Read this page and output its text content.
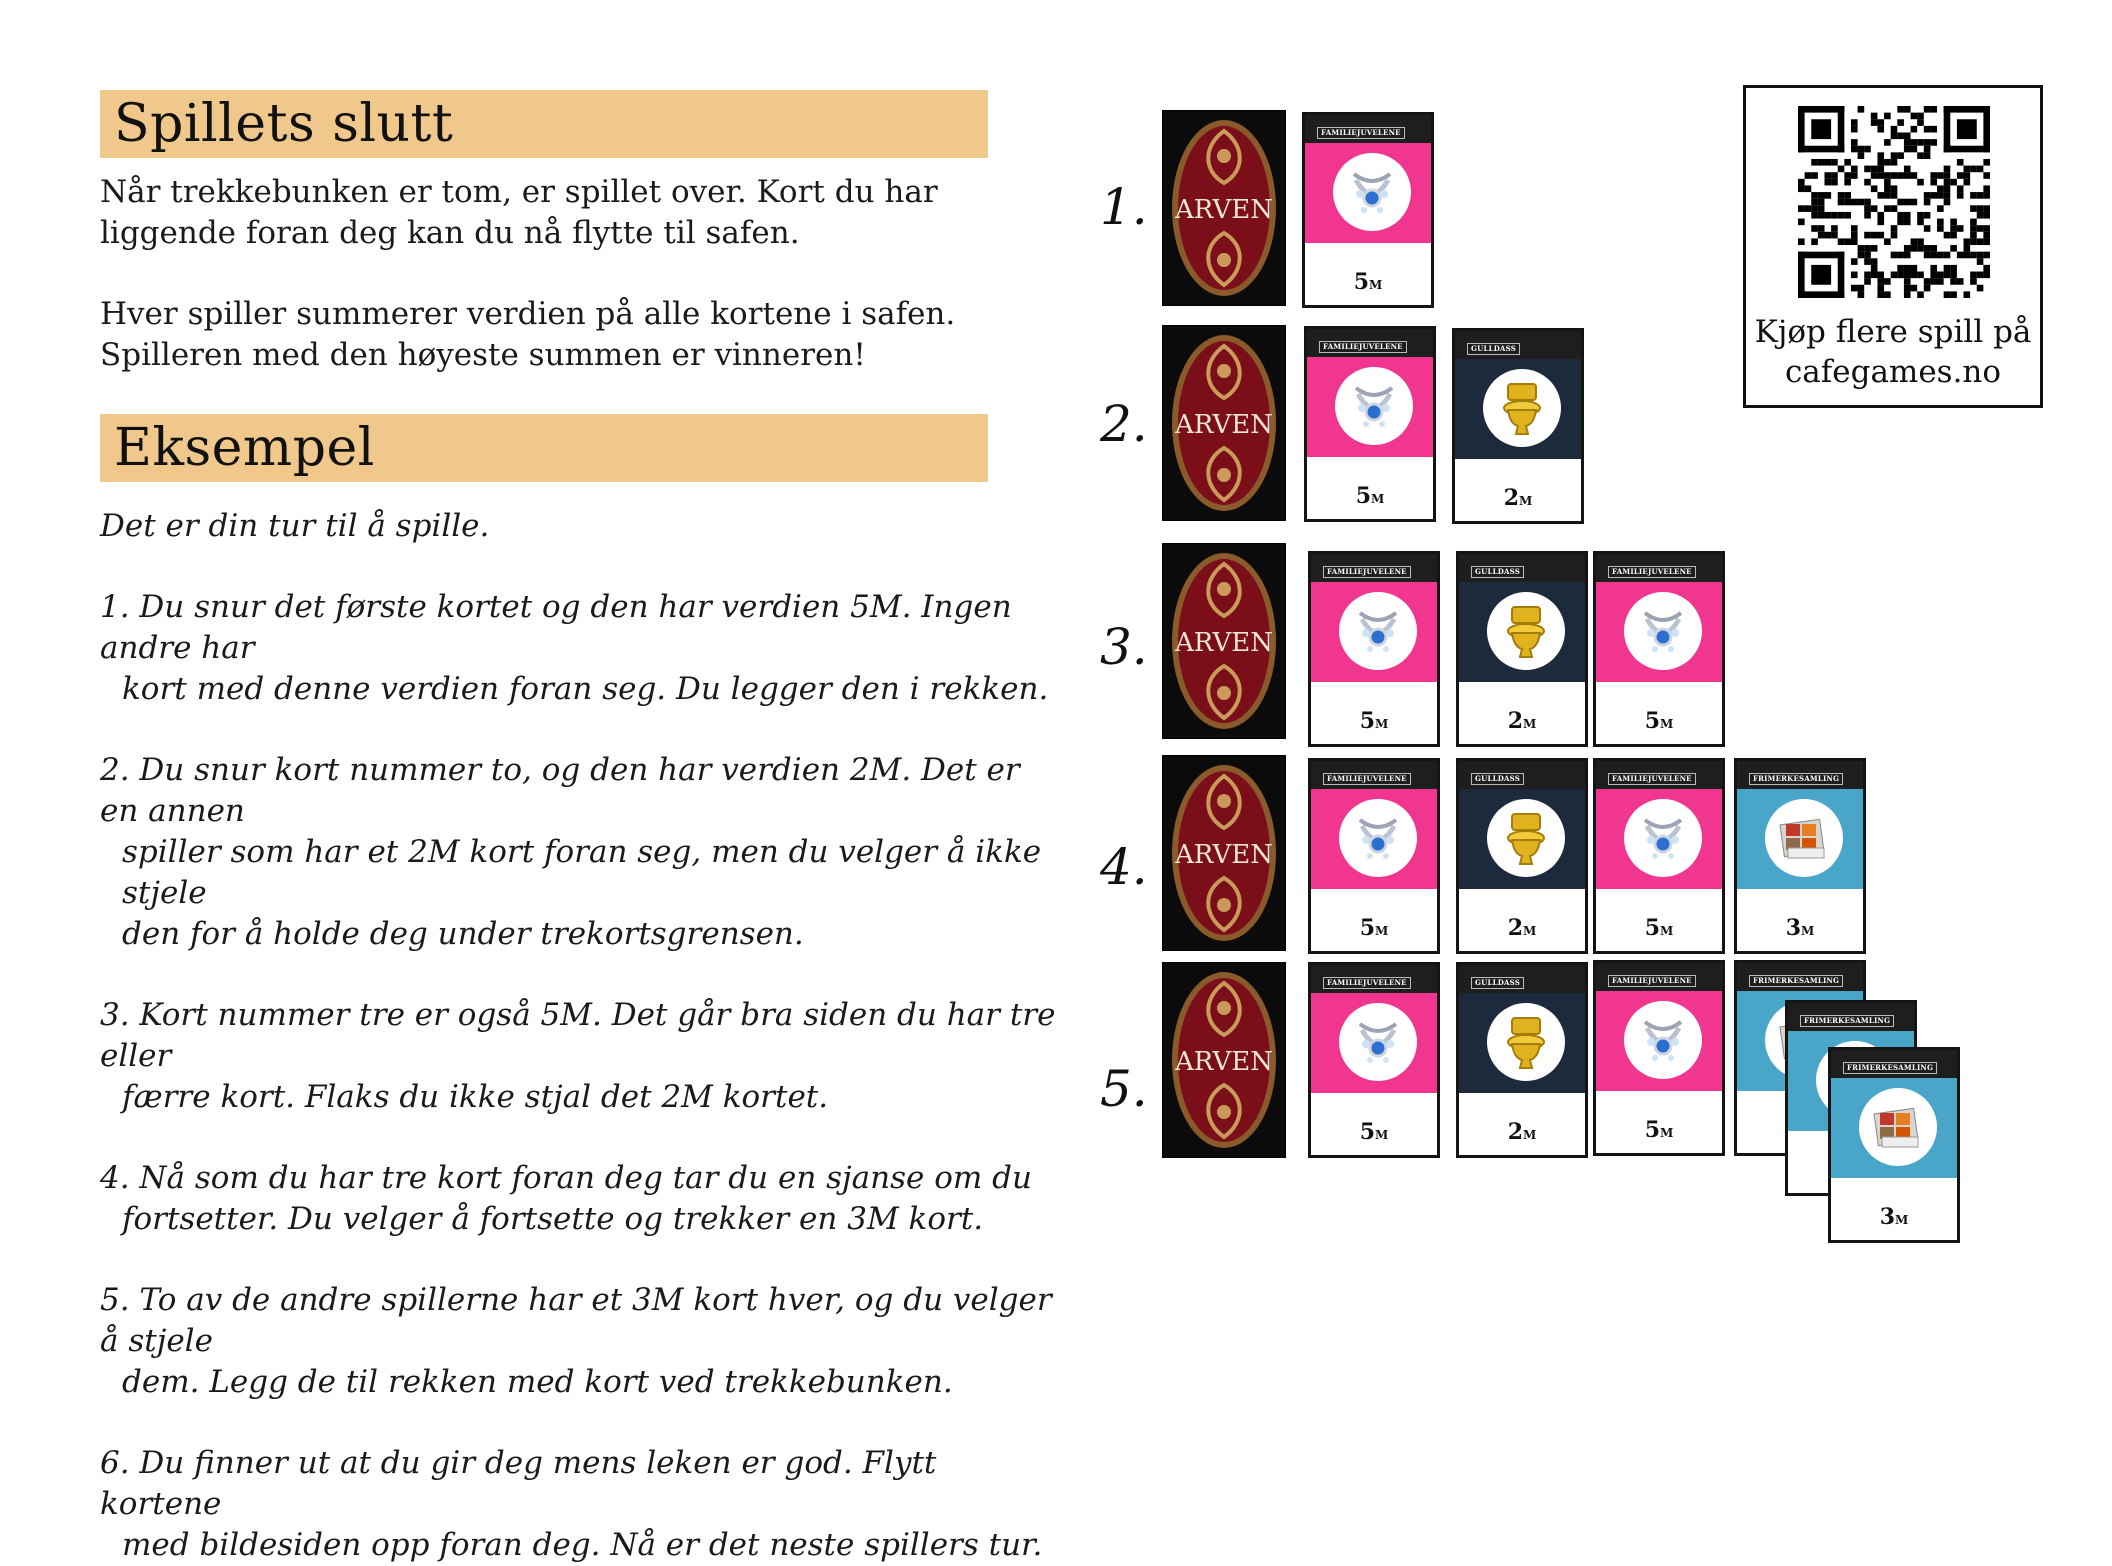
Spillets slutt
Når trekkebunken er tom, er spillet over. Kort du har
liggende foran deg kan du nå flytte til safen.
Hver spiller summerer verdien på alle kortene i safen.
Spilleren med den høyeste summen er vinneren!
Eksempel
Det er din tur til å spille.
1. Du snur det første kortet og den har verdien 5M. Ingen andre har
kort med denne verdien foran seg. Du legger den i rekken.
2. Du snur kort nummer to, og den har verdien 2M. Det er en annen
spiller som har et 2M kort foran seg, men du velger å ikke stjele
den for å holde deg under trekortsgrensen.
3. Kort nummer tre er også 5M. Det går bra siden du har tre eller
færre kort. Flaks du ikke stjal det 2M kortet.
4. Nå som du har tre kort foran deg tar du en sjanse om du
fortsetter. Du velger å fortsette og trekker en 3M kort.
5. To av de andre spillerne har et 3M kort hver, og du velger å stjele
dem. Legg de til rekken med kort ved trekkebunken.
6. Du finner ut at du gir deg mens leken er god. Flytt kortene
med bildesiden opp foran deg. Nå er det neste spillers tur.
1.
2.
3.
4.
5.
ARVEN
ARVEN
ARVEN
ARVEN
ARVEN
FAMILIEJUVELENE
5M
FAMILIEJUVELENE
5M
GULLDASS
2M
FAMILIEJUVELENE
5M
GULLDASS
2M
FAMILIEJUVELENE
5M
FAMILIEJUVELENE
5M
GULLDASS
2M
FAMILIEJUVELENE
5M
FRIMERKESAMLING
3M
FAMILIEJUVELENE
5M
GULLDASS
2M
FAMILIEJUVELENE
5M
FRIMERKESAMLING
FRIMERKESAMLING
FRIMERKESAMLING
3M
Kjøp flere spill på
cafegames.no
